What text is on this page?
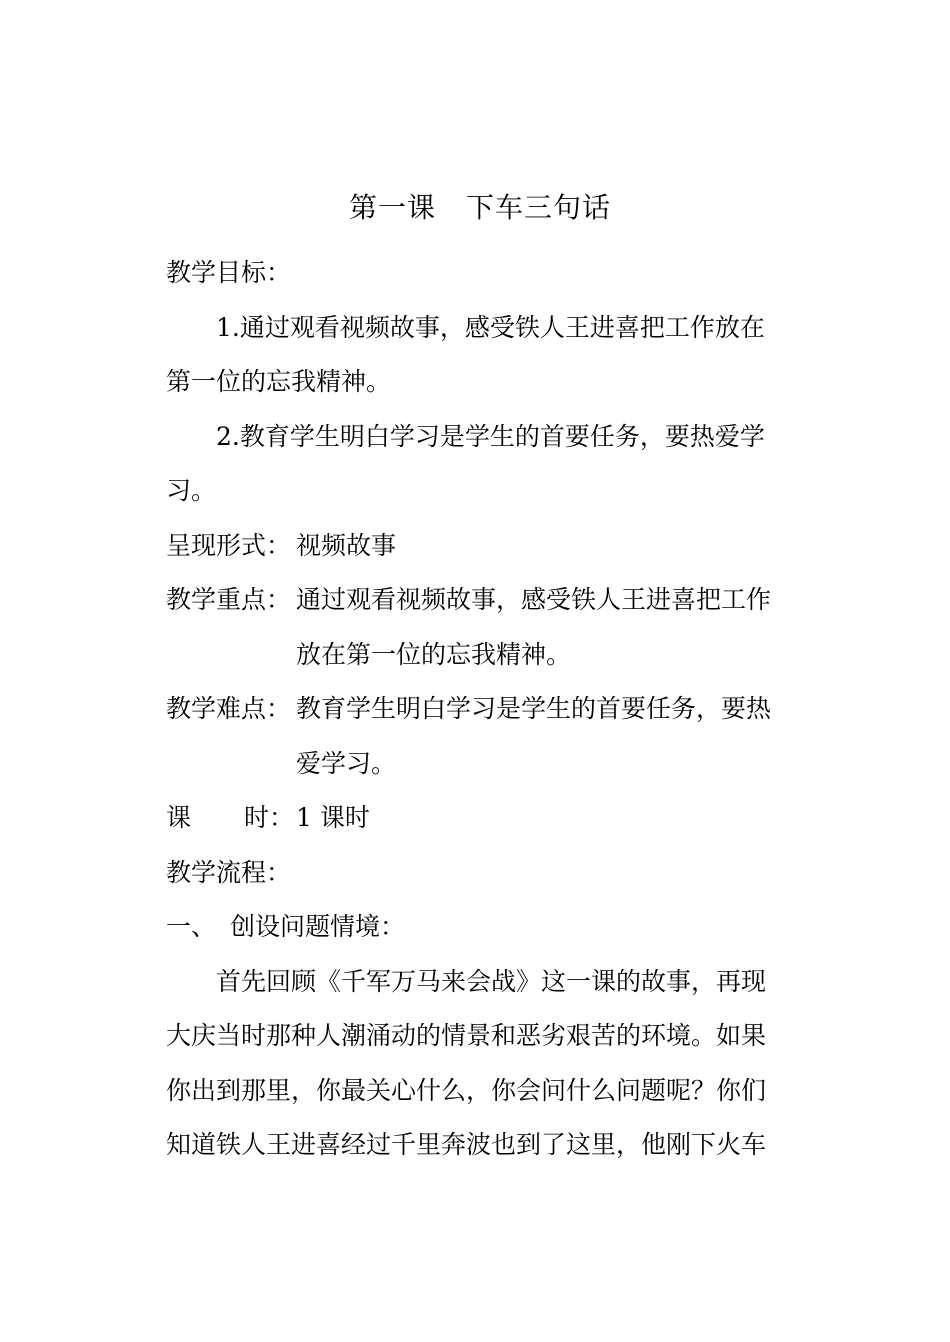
第一课 下车三句话

教学目标：

1.通过观看视频故事，感受铁人王进喜把工作放在第一位的忘我精神。

2.教育学生明白学习是学生的首要任务，要热爱学习。

呈现形式： 视频故事
教学重点： 通过观看视频故事，感受铁人王进喜把工作放在第一位的忘我精神。
教学难点： 教育学生明白学习是学生的首要任务，要热爱学习。
课 时： 1 课时

教学流程：

一、 创设问题情境：

首先回顾《千军万马来会战》这一课的故事，再现大庆当时那种人潮涌动的情景和恶劣艰苦的环境。如果你出到那里，你最关心什么，你会问什么问题呢？你们知道铁人王进喜经过千里奔波也到了这里，他刚下火车
